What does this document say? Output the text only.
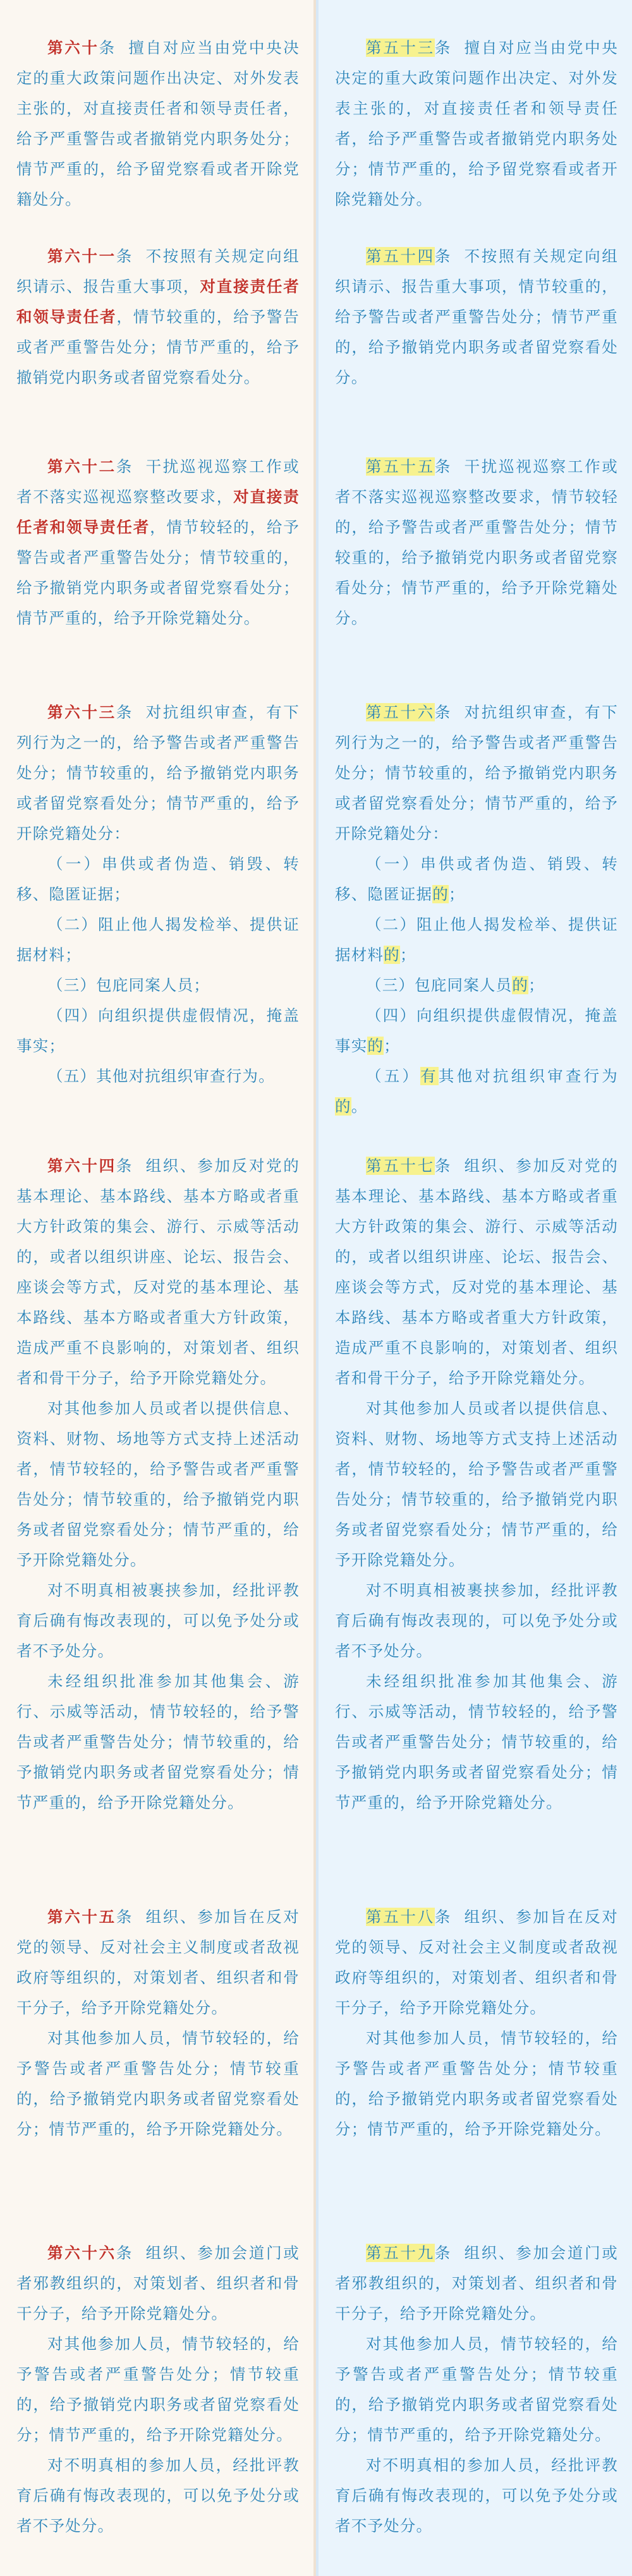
第六十条 擅自对应当由党中央决定的重大政策问题作出决定、对外发表主张的，对直接责任者和领导责任者，给予严重警告或者撤销党内职务处分；情节严重的，给予留党察看或者开除党籍处分。

第六十一条 不按照有关规定向组织请示、报告重大事项，对直接责任者和领导责任者，情节较重的，给予警告或者严重警告处分；情节严重的，给予撤销党内职务或者留党察看处分。

第六十二条 干扰巡视巡察工作或者不落实巡视巡察整改要求，对直接责任者和领导责任者，情节较轻的，给予警告或者严重警告处分；情节较重的，给予撤销党内职务或者留党察看处分；情节严重的，给予开除党籍处分。

第六十三条 对抗组织审查，有下列行为之一的，给予警告或者严重警告处分；情节较重的，给予撤销党内职务或者留党察看处分；情节严重的，给予开除党籍处分：

（一）串供或者伪造、销毁、转移、隐匿证据；

（二）阻止他人揭发检举、提供证据材料；

（三）包庇同案人员；

（四）向组织提供虚假情况，掩盖事实；

（五）其他对抗组织审查行为。

第六十四条 组织、参加反对党的基本理论、基本路线、基本方略或者重大方针政策的集会、游行、示威等活动的，或者以组织讲座、论坛、报告会、座谈会等方式，反对党的基本理论、基本路线、基本方略或者重大方针政策，造成严重不良影响的，对策划者、组织者和骨干分子，给予开除党籍处分。

对其他参加人员或者以提供信息、资料、财物、场地等方式支持上述活动者，情节较轻的，给予警告或者严重警告处分；情节较重的，给予撤销党内职务或者留党察看处分；情节严重的，给予开除党籍处分。

对不明真相被裹挟参加，经批评教育后确有悔改表现的，可以免予处分或者不予处分。

未经组织批准参加其他集会、游行、示威等活动，情节较轻的，给予警告或者严重警告处分；情节较重的，给予撤销党内职务或者留党察看处分；情节严重的，给予开除党籍处分。

第六十五条 组织、参加旨在反对党的领导、反对社会主义制度或者敌视政府等组织的，对策划者、组织者和骨干分子，给予开除党籍处分。

对其他参加人员，情节较轻的，给予警告或者严重警告处分；情节较重的，给予撤销党内职务或者留党察看处分；情节严重的，给予开除党籍处分。

第六十六条 组织、参加会道门或者邪教组织的，对策划者、组织者和骨干分子，给予开除党籍处分。

对其他参加人员，情节较轻的，给予警告或者严重警告处分；情节较重的，给予撤销党内职务或者留党察看处分；情节严重的，给予开除党籍处分。

对不明真相的参加人员，经批评教育后确有悔改表现的，可以免予处分或者不予处分。

第五十三条 擅自对应当由党中央决定的重大政策问题作出决定、对外发表主张的，对直接责任者和领导责任者，给予严重警告或者撤销党内职务处分；情节严重的，给予留党察看或者开除党籍处分。

第五十四条 不按照有关规定向组织请示、报告重大事项，情节较重的，给予警告或者严重警告处分；情节严重的，给予撤销党内职务或者留党察看处分。

第五十五条 干扰巡视巡察工作或者不落实巡视巡察整改要求，情节较轻的，给予警告或者严重警告处分；情节较重的，给予撤销党内职务或者留党察看处分；情节严重的，给予开除党籍处分。

第五十六条 对抗组织审查，有下列行为之一的，给予警告或者严重警告处分；情节较重的，给予撤销党内职务或者留党察看处分；情节严重的，给予开除党籍处分：

（一）串供或者伪造、销毁、转移、隐匿证据的；

（二）阻止他人揭发检举、提供证据材料的；

（三）包庇同案人员的；

（四）向组织提供虚假情况，掩盖事实的；

（五）有其他对抗组织审查行为的。

第五十七条 组织、参加反对党的基本理论、基本路线、基本方略或者重大方针政策的集会、游行、示威等活动的，或者以组织讲座、论坛、报告会、座谈会等方式，反对党的基本理论、基本路线、基本方略或者重大方针政策，造成严重不良影响的，对策划者、组织者和骨干分子，给予开除党籍处分。

对其他参加人员或者以提供信息、资料、财物、场地等方式支持上述活动者，情节较轻的，给予警告或者严重警告处分；情节较重的，给予撤销党内职务或者留党察看处分；情节严重的，给予开除党籍处分。

对不明真相被裹挟参加，经批评教育后确有悔改表现的，可以免予处分或者不予处分。

未经组织批准参加其他集会、游行、示威等活动，情节较轻的，给予警告或者严重警告处分；情节较重的，给予撤销党内职务或者留党察看处分；情节严重的，给予开除党籍处分。

第五十八条 组织、参加旨在反对党的领导、反对社会主义制度或者敌视政府等组织的，对策划者、组织者和骨干分子，给予开除党籍处分。

对其他参加人员，情节较轻的，给予警告或者严重警告处分；情节较重的，给予撤销党内职务或者留党察看处分；情节严重的，给予开除党籍处分。

第五十九条 组织、参加会道门或者邪教组织的，对策划者、组织者和骨干分子，给予开除党籍处分。

对其他参加人员，情节较轻的，给予警告或者严重警告处分；情节较重的，给予撤销党内职务或者留党察看处分；情节严重的，给予开除党籍处分。

对不明真相的参加人员，经批评教育后确有悔改表现的，可以免予处分或者不予处分。
